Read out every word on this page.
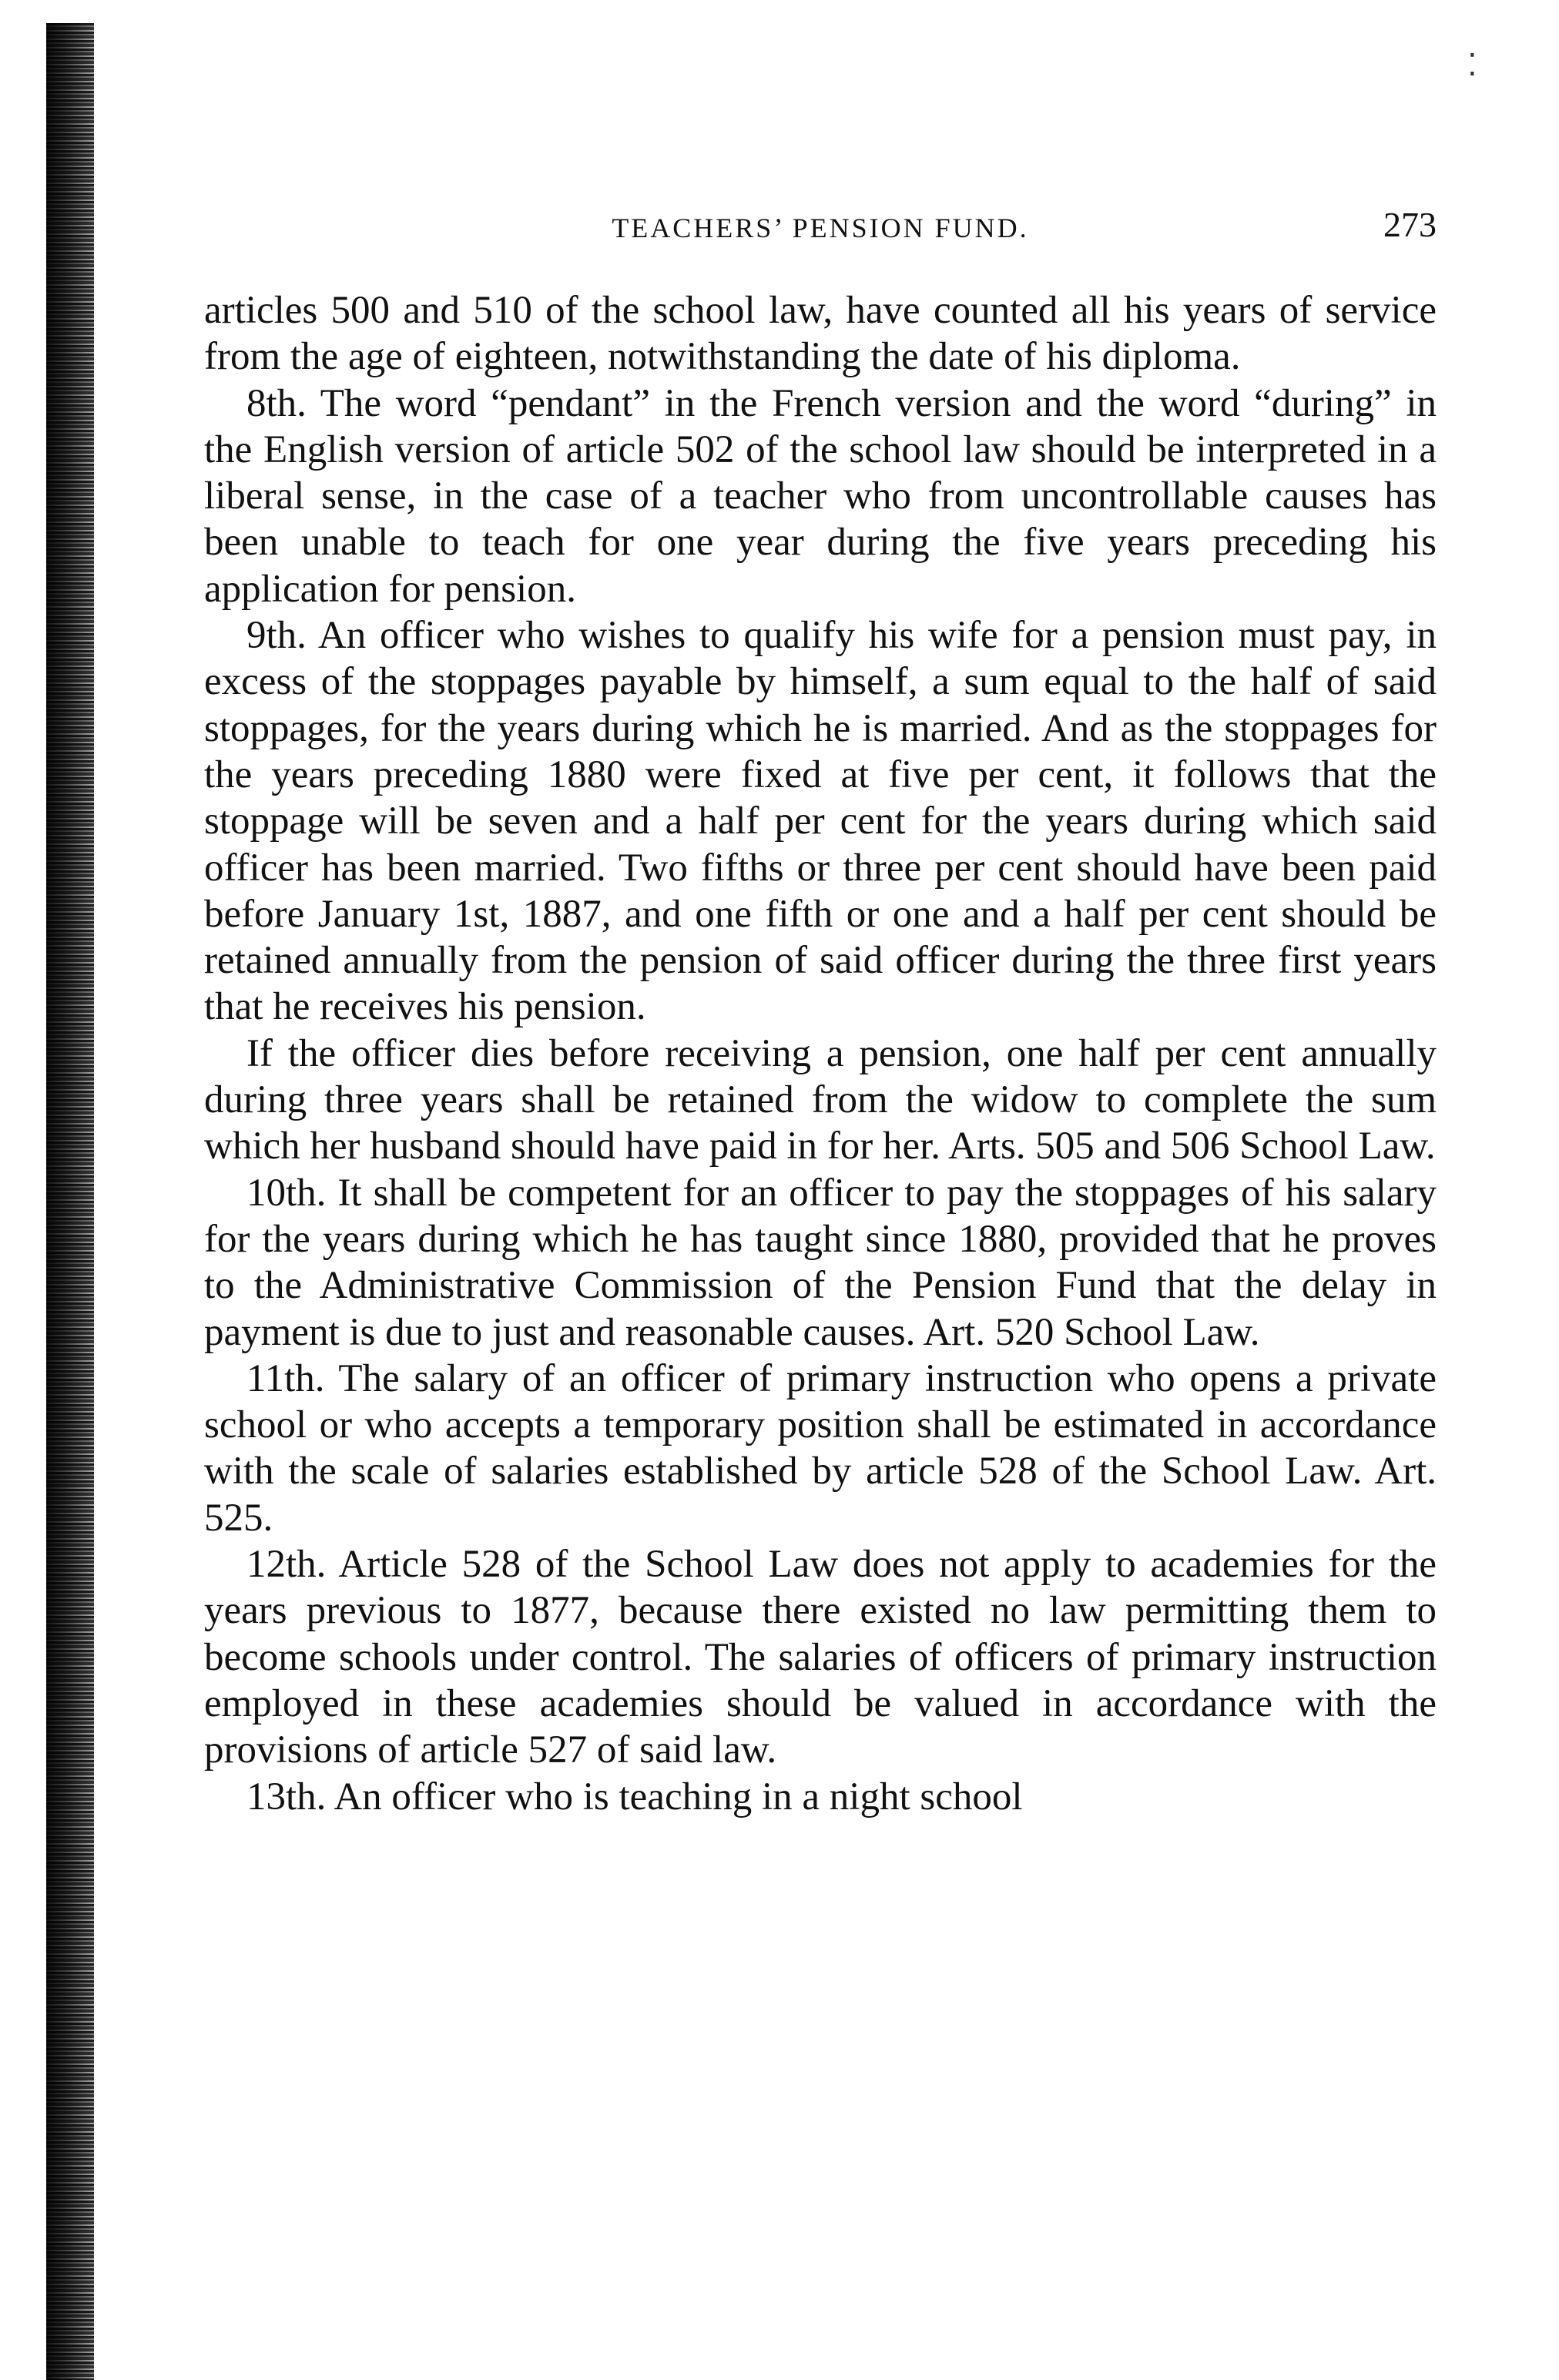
⁚
TEACHERS’ PENSION FUND.	273

articles 500 and 510 of the school law, have counted all his years of service from the age of eighteen, notwithstanding the date of his diploma.

8th. The word “pendant” in the French version and the word “during” in the English version of article 502 of the school law should be interpreted in a liberal sense, in the case of a teacher who from uncontrollable causes has been unable to teach for one year during the five years preceding his application for pension.

9th. An officer who wishes to qualify his wife for a pension must pay, in excess of the stoppages payable by himself, a sum equal to the half of said stoppages, for the years during which he is married. And as the stoppages for the years preceding 1880 were fixed at five per cent, it follows that the stoppage will be seven and a half per cent for the years during which said officer has been married. Two fifths or three per cent should have been paid before January 1st, 1887, and one fifth or one and a half per cent should be retained annually from the pension of said officer during the three first years that he receives his pension.

If the officer dies before receiving a pension, one half per cent annually during three years shall be retained from the widow to complete the sum which her husband should have paid in for her. Arts. 505 and 506 School Law.

10th. It shall be competent for an officer to pay the stoppages of his salary for the years during which he has taught since 1880, provided that he proves to the Administrative Commission of the Pension Fund that the delay in payment is due to just and reasonable causes. Art. 520 School Law.

11th. The salary of an officer of primary instruction who opens a private school or who accepts a temporary position shall be estimated in accordance with the scale of salaries established by article 528 of the School Law. Art. 525.

12th. Article 528 of the School Law does not apply to academies for the years previous to 1877, because there existed no law permitting them to become schools under control. The salaries of officers of primary instruction employed in these academies should be valued in accordance with the provisions of article 527 of said law.

13th. An officer who is teaching in a night school
